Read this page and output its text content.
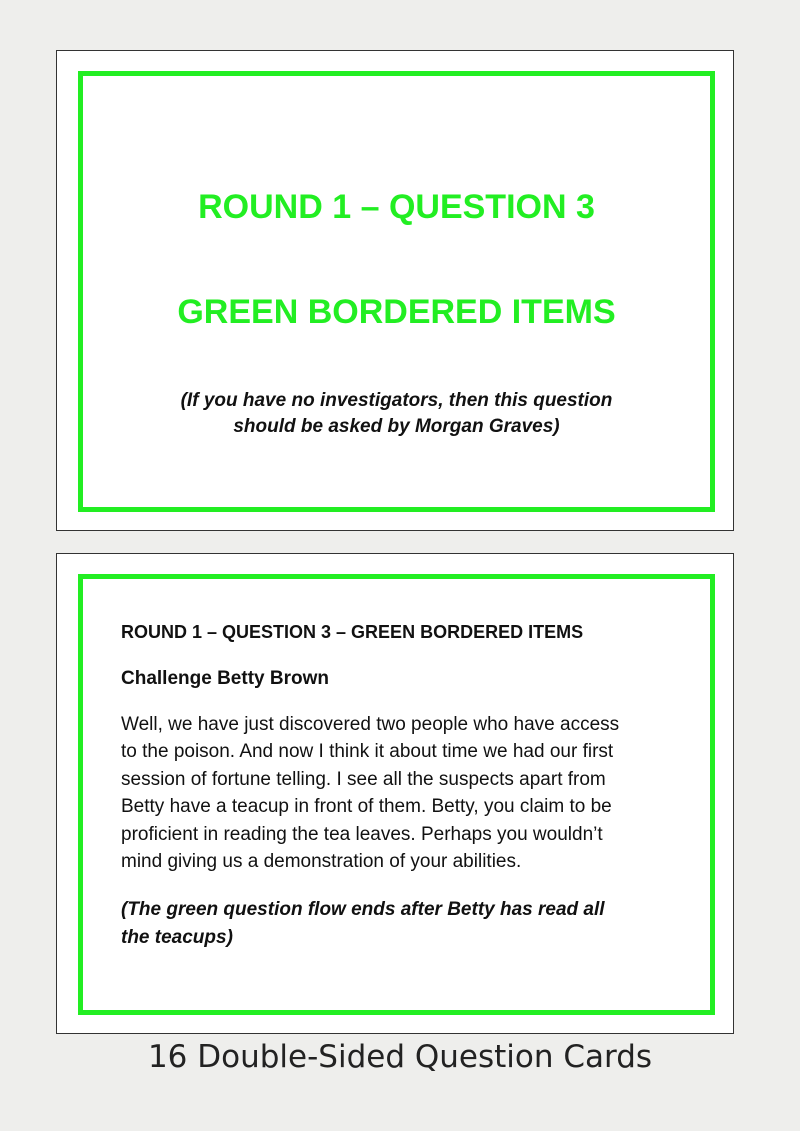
ROUND 1 – QUESTION 3
GREEN BORDERED ITEMS

(If you have no investigators, then this question
should be asked by Morgan Graves)

ROUND 1 – QUESTION 3 – GREEN BORDERED ITEMS

Challenge Betty Brown

Well, we have just discovered two people who have access
to the poison. And now I think it about time we had our first
session of fortune telling. I see all the suspects apart from
Betty have a teacup in front of them. Betty, you claim to be
proficient in reading the tea leaves. Perhaps you wouldn’t
mind giving us a demonstration of your abilities.

(The green question flow ends after Betty has read all
the teacups)

16 Double-Sided Question Cards
